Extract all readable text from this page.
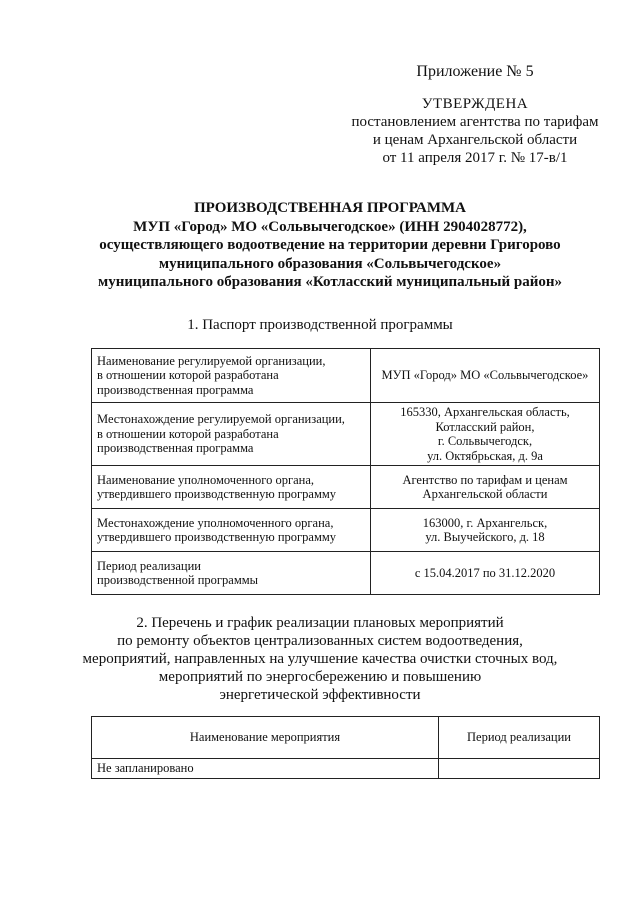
Приложение № 5
УТВЕРЖДЕНА
постановлением агентства по тарифам
и ценам Архангельской области
от 11 апреля 2017 г. № 17-в/1
ПРОИЗВОДСТВЕННАЯ ПРОГРАММА
МУП «Город» МО «Сольвычегодское» (ИНН 2904028772),
осуществляющего водоотведение на территории деревни Григорово
муниципального образования «Сольвычегодское»
муниципального образования «Котласский муниципальный район»
1. Паспорт производственной программы
Наименование регулируемой организации,
в отношении которой разработана
производственная программа	МУП «Город» МО «Сольвычегодское»
Местонахождение регулируемой организации,
в отношении которой разработана
производственная программа	165330, Архангельская область,
Котласский район,
г. Сольвычегодск,
ул. Октябрьская, д. 9а
Наименование уполномоченного органа,
утвердившего производственную программу	Агентство по тарифам и ценам
Архангельской области
Местонахождение уполномоченного органа,
утвердившего производственную программу	163000, г. Архангельск,
ул. Выучейского, д. 18
Период реализации
производственной программы	с 15.04.2017 по 31.12.2020
2. Перечень и график реализации плановых мероприятий
по ремонту объектов централизованных систем водоотведения,
мероприятий, направленных на улучшение качества очистки сточных вод,
мероприятий по энергосбережению и повышению
энергетической эффективности
Наименование мероприятия	Период реализации
Не запланировано	
